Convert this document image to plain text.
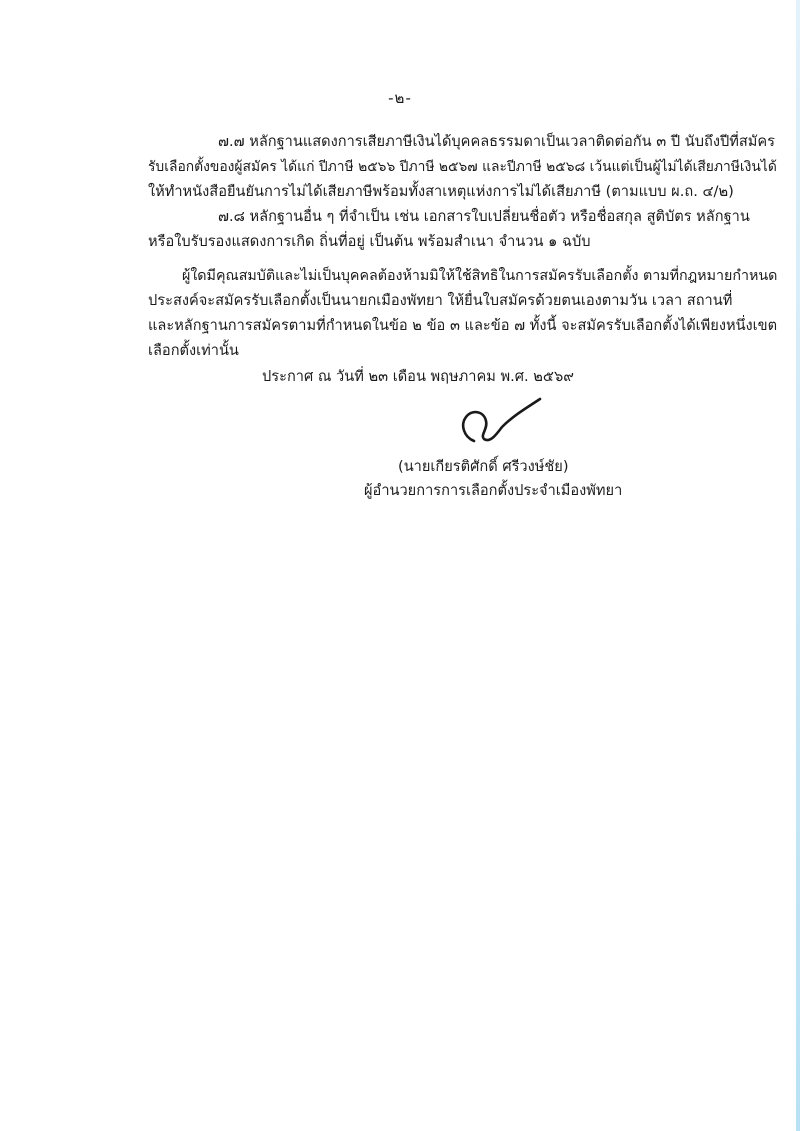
-๒-

๗.๗ หลักฐานแสดงการเสียภาษีเงินได้บุคคลธรรมดาเป็นเวลาติดต่อกัน ๓ ปี นับถึงปีที่สมัคร

รับเลือกตั้งของผู้สมัคร ได้แก่ ปีภาษี ๒๕๖๖ ปีภาษี ๒๕๖๗ และปีภาษี ๒๕๖๘ เว้นแต่เป็นผู้ไม่ได้เสียภาษีเงินได้

ให้ทำหนังสือยืนยันการไม่ได้เสียภาษีพร้อมทั้งสาเหตุแห่งการไม่ได้เสียภาษี (ตามแบบ ผ.ถ. ๔/๒)

๗.๘ หลักฐานอื่น ๆ ที่จำเป็น เช่น เอกสารใบเปลี่ยนชื่อตัว หรือชื่อสกุล สูติบัตร หลักฐาน

หรือใบรับรองแสดงการเกิด ถิ่นที่อยู่ เป็นต้น พร้อมสำเนา จำนวน ๑ ฉบับ

ผู้ใดมีคุณสมบัติและไม่เป็นบุคคลต้องห้ามมิให้ใช้สิทธิในการสมัครรับเลือกตั้ง ตามที่กฎหมายกำหนด

ประสงค์จะสมัครรับเลือกตั้งเป็นนายกเมืองพัทยา ให้ยื่นใบสมัครด้วยตนเองตามวัน เวลา สถานที่

และหลักฐานการสมัครตามที่กำหนดในข้อ ๒ ข้อ ๓ และข้อ ๗ ทั้งนี้ จะสมัครรับเลือกตั้งได้เพียงหนึ่งเขต

เลือกตั้งเท่านั้น

ประกาศ ณ วันที่ ๒๓ เดือน พฤษภาคม พ.ศ. ๒๕๖๙

(นายเกียรติศักดิ์ ศรีวงษ์ชัย)

ผู้อำนวยการการเลือกตั้งประจำเมืองพัทยา
